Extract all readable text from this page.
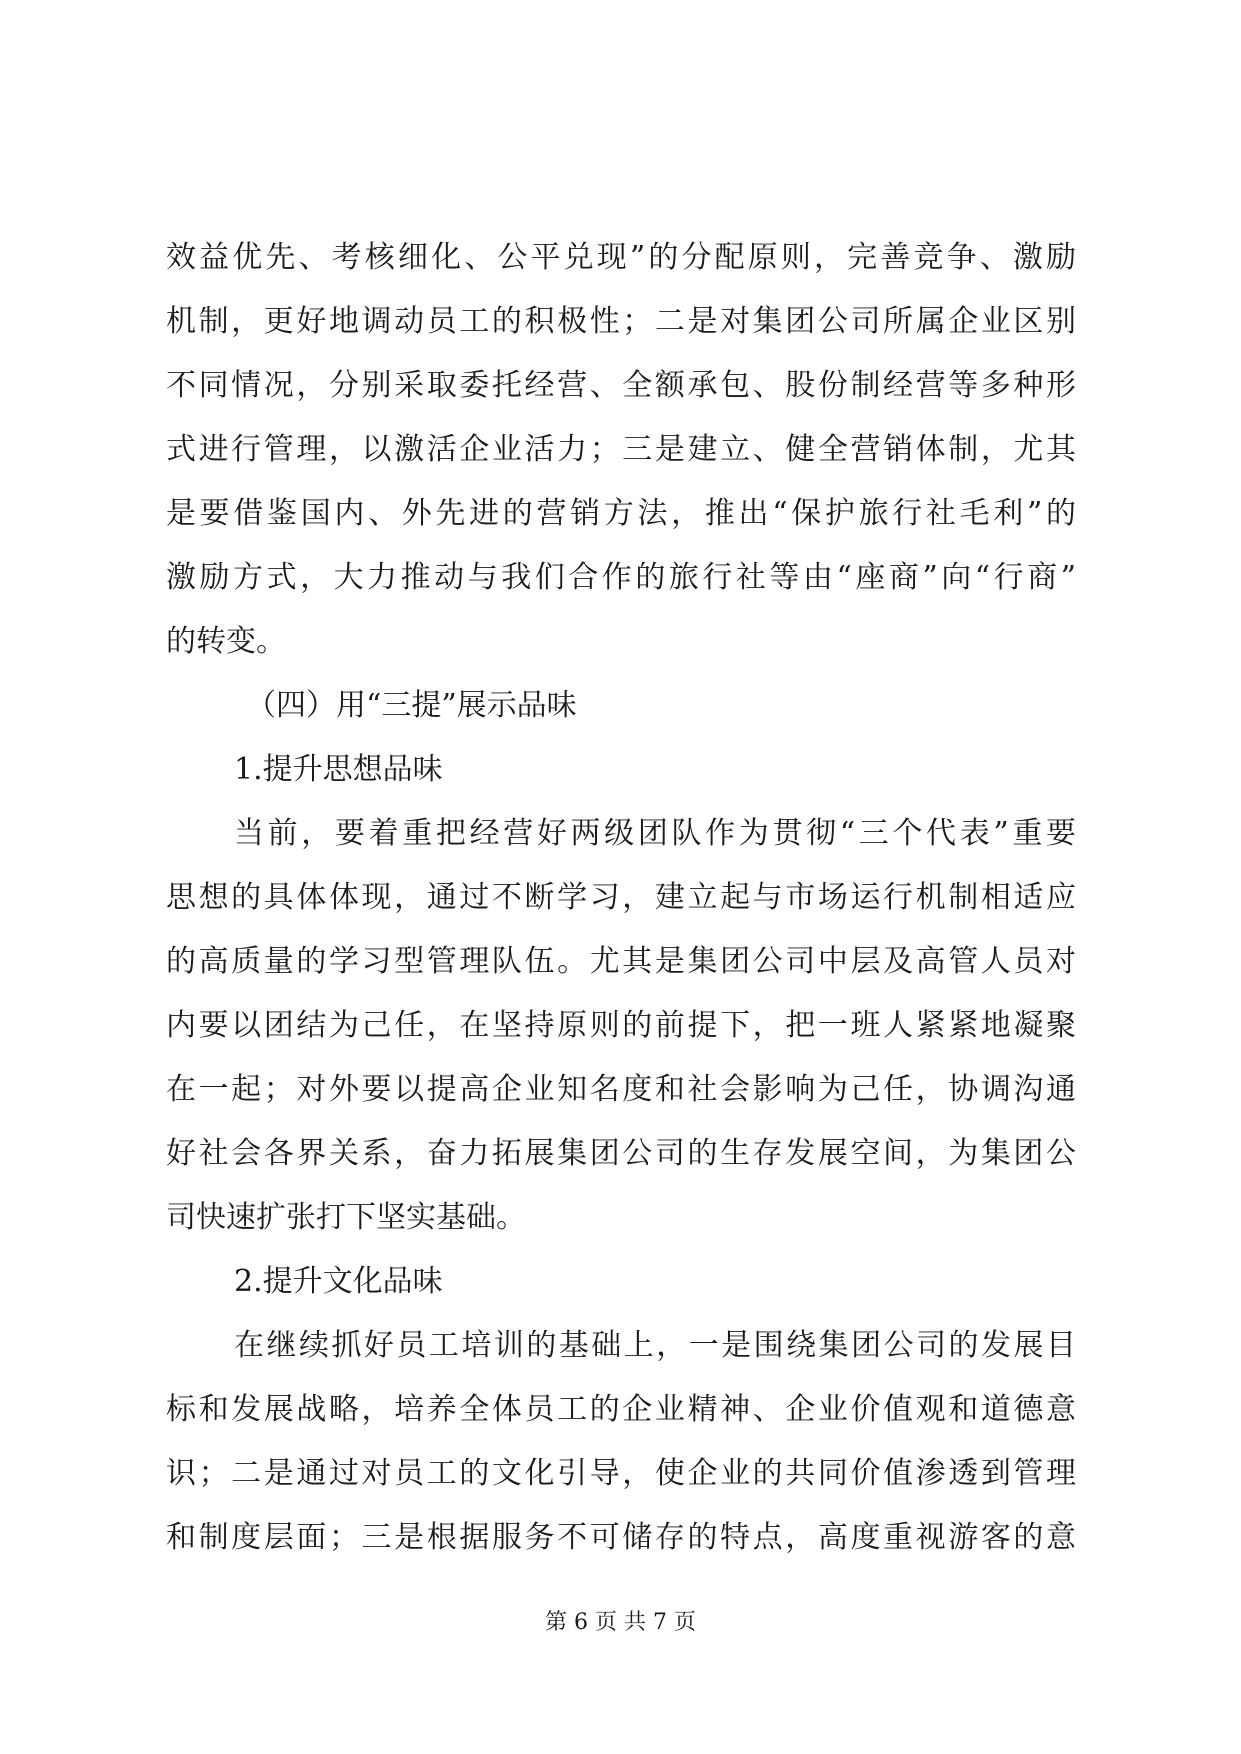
效益优先、考核细化、公平兑现”的分配原则，完善竞争、激励
机制，更好地调动员工的积极性；二是对集团公司所属企业区别
不同情况，分别采取委托经营、全额承包、股份制经营等多种形
式进行管理，以激活企业活力；三是建立、健全营销体制，尤其
是要借鉴国内、外先进的营销方法，推出“保护旅行社毛利”的
激励方式，大力推动与我们合作的旅行社等由“座商”向“行商”
的转变。
（四）用“三提”展示品味
1.提升思想品味
当前，要着重把经营好两级团队作为贯彻“三个代表”重要
思想的具体体现，通过不断学习，建立起与市场运行机制相适应
的高质量的学习型管理队伍。尤其是集团公司中层及高管人员对
内要以团结为己任，在坚持原则的前提下，把一班人紧紧地凝聚
在一起；对外要以提高企业知名度和社会影响为己任，协调沟通
好社会各界关系，奋力拓展集团公司的生存发展空间，为集团公
司快速扩张打下坚实基础。
2.提升文化品味
在继续抓好员工培训的基础上，一是围绕集团公司的发展目
标和发展战略，培养全体员工的企业精神、企业价值观和道德意
识；二是通过对员工的文化引导，使企业的共同价值渗透到管理
和制度层面；三是根据服务不可储存的特点，高度重视游客的意
第 6 页 共 7 页
